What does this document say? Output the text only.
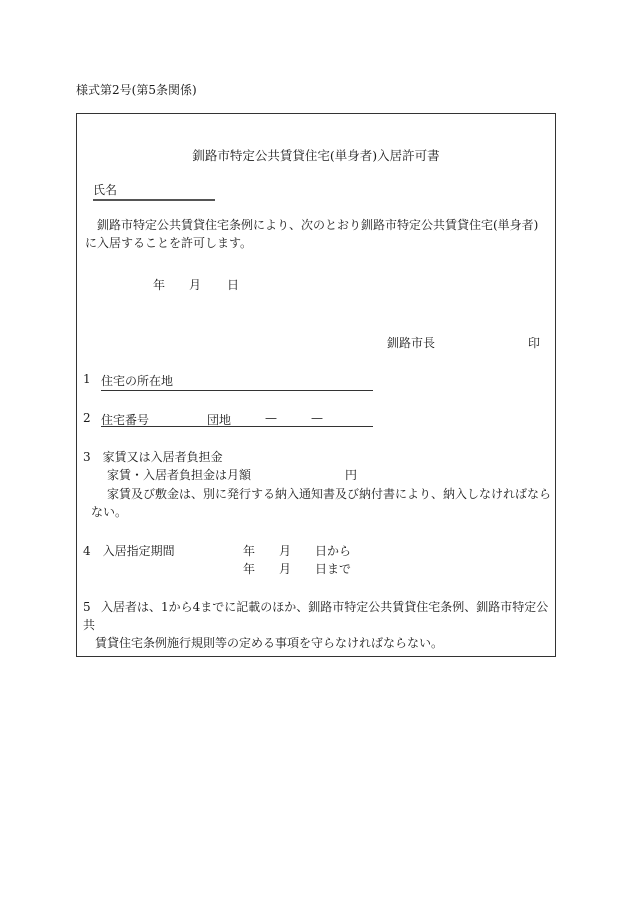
様式第2号(第5条関係)
釧路市特定公共賃貸住宅(単身者)入居許可書
氏名
釧路市特定公共賃貸住宅条例により、次のとおり釧路市特定公共賃貸住宅(単身者)に入居することを許可します。
年 月 日
釧路市長	印
1 住宅の所在地
2 住宅番号	団地	—	—
3 家賃又は入居者負担金
家賃・入居者負担金は月額	円
家賃及び敷金は、別に発行する納入通知書及び納付書により、納入しなければならない。
4 入居指定期間	年 月 日から
年 月 日まで
5 入居者は、1から4までに記載のほか、釧路市特定公共賃貸住宅条例、釧路市特定公共
賃貸住宅条例施行規則等の定める事項を守らなければならない。
